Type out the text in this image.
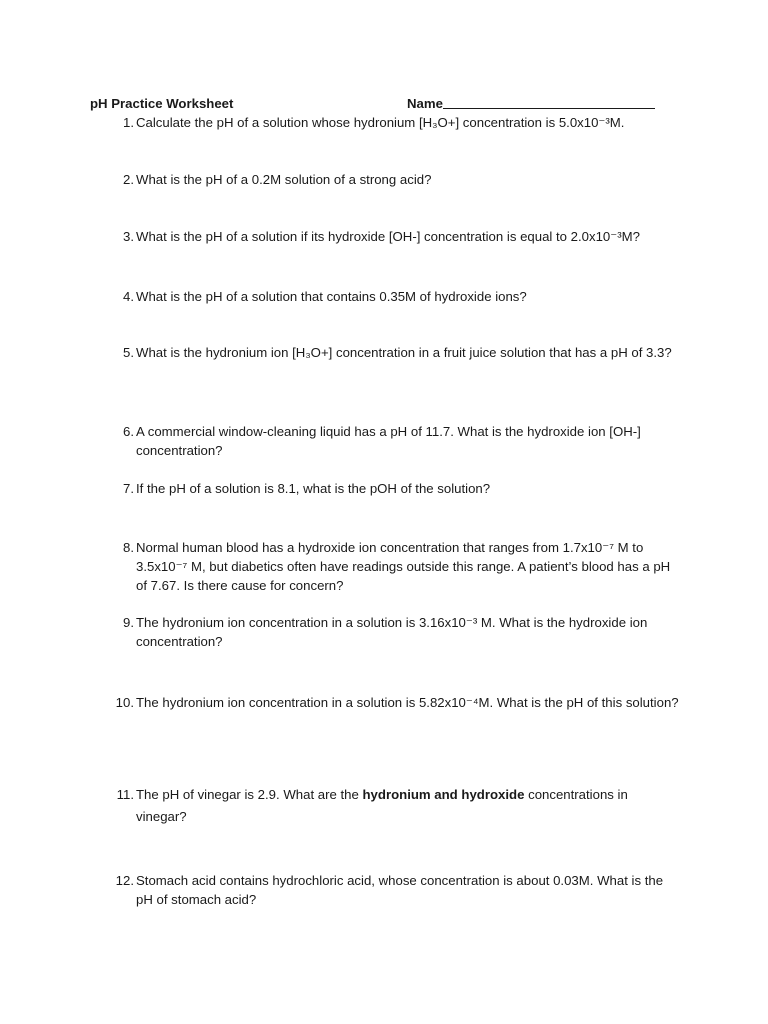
pH Practice Worksheet	Name
1. Calculate the pH of a solution whose hydronium [H₃O+] concentration is 5.0x10⁻³M.
2. What is the pH of a 0.2M solution of a strong acid?
3. What is the pH of a solution if its hydroxide [OH-] concentration is equal to 2.0x10⁻³M?
4. What is the pH of a solution that contains 0.35M of hydroxide ions?
5. What is the hydronium ion [H₃O+] concentration in a fruit juice solution that has a pH of 3.3?
6. A commercial window-cleaning liquid has a pH of 11.7. What is the hydroxide ion [OH-] concentration?
7. If the pH of a solution is 8.1, what is the pOH of the solution?
8. Normal human blood has a hydroxide ion concentration that ranges from 1.7x10⁻⁷ M to 3.5x10⁻⁷ M, but diabetics often have readings outside this range. A patient’s blood has a pH of 7.67. Is there cause for concern?
9. The hydronium ion concentration in a solution is 3.16x10⁻³ M. What is the hydroxide ion concentration?
10. The hydronium ion concentration in a solution is 5.82x10⁻⁴M. What is the pH of this solution?
11. The pH of vinegar is 2.9. What are the hydronium and hydroxide concentrations in vinegar?
12. Stomach acid contains hydrochloric acid, whose concentration is about 0.03M. What is the pH of stomach acid?
